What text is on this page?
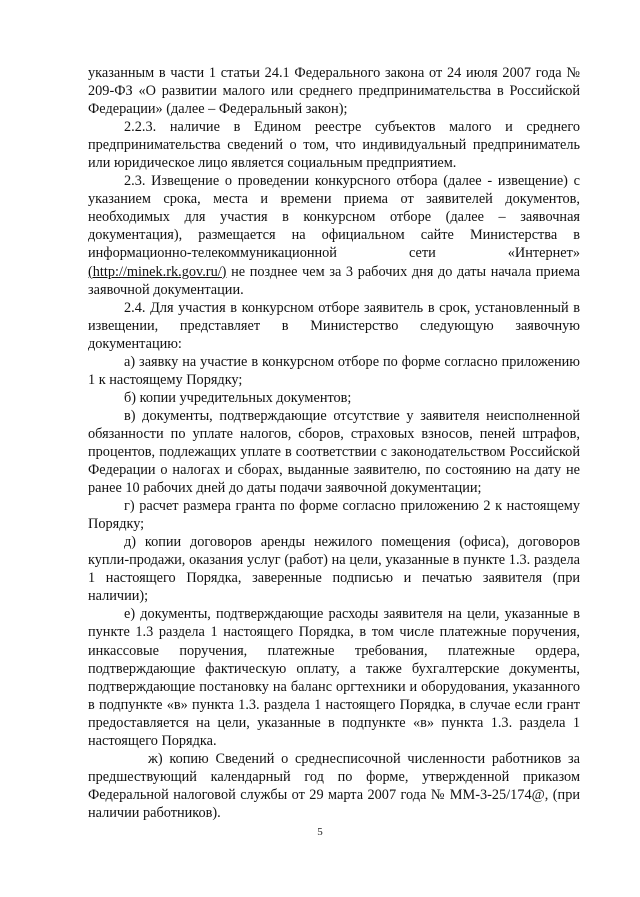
указанным в части 1 статьи 24.1 Федерального закона от 24 июля 2007 года № 209-ФЗ «О развитии малого или среднего предпринимательства в Российской Федерации» (далее – Федеральный закон);

2.2.3. наличие в Едином реестре субъектов малого и среднего предпринимательства сведений о том, что индивидуальный предприниматель или юридическое лицо является социальным предприятием.

2.3. Извещение о проведении конкурсного отбора (далее - извещение) с указанием срока, места и времени приема от заявителей документов, необходимых для участия в конкурсном отборе (далее – заявочная документация), размещается на официальном сайте Министерства в информационно-телекоммуникационной сети «Интернет» (http://minek.rk.gov.ru/) не позднее чем за 3 рабочих дня до даты начала приема заявочной документации.

2.4. Для участия в конкурсном отборе заявитель в срок, установленный в извещении, представляет в Министерство следующую заявочную документацию:

а) заявку на участие в конкурсном отборе по форме согласно приложению 1 к настоящему Порядку;

б) копии учредительных документов;

в) документы, подтверждающие отсутствие у заявителя неисполненной обязанности по уплате налогов, сборов, страховых взносов, пеней штрафов, процентов, подлежащих уплате в соответствии с законодательством Российской Федерации о налогах и сборах, выданные заявителю, по состоянию на дату не ранее 10 рабочих дней до даты подачи заявочной документации;

г) расчет размера гранта по форме согласно приложению 2 к настоящему Порядку;

д) копии договоров аренды нежилого помещения (офиса), договоров купли-продажи, оказания услуг (работ) на цели, указанные в пункте 1.3. раздела 1 настоящего Порядка, заверенные подписью и печатью заявителя (при наличии);

е) документы, подтверждающие расходы заявителя на цели, указанные в пункте 1.3 раздела 1 настоящего Порядка, в том числе платежные поручения, инкассовые поручения, платежные требования, платежные ордера, подтверждающие фактическую оплату, а также бухгалтерские документы, подтверждающие постановку на баланс оргтехники и оборудования, указанного в подпункте «в» пункта 1.3. раздела 1 настоящего Порядка, в случае если грант предоставляется на цели, указанные в подпункте «в» пункта 1.3. раздела 1 настоящего Порядка.

ж) копию Сведений о среднесписочной численности работников за предшествующий календарный год по форме, утвержденной приказом Федеральной налоговой службы от 29 марта 2007 года № ММ-3-25/174@, (при наличии работников).

5
